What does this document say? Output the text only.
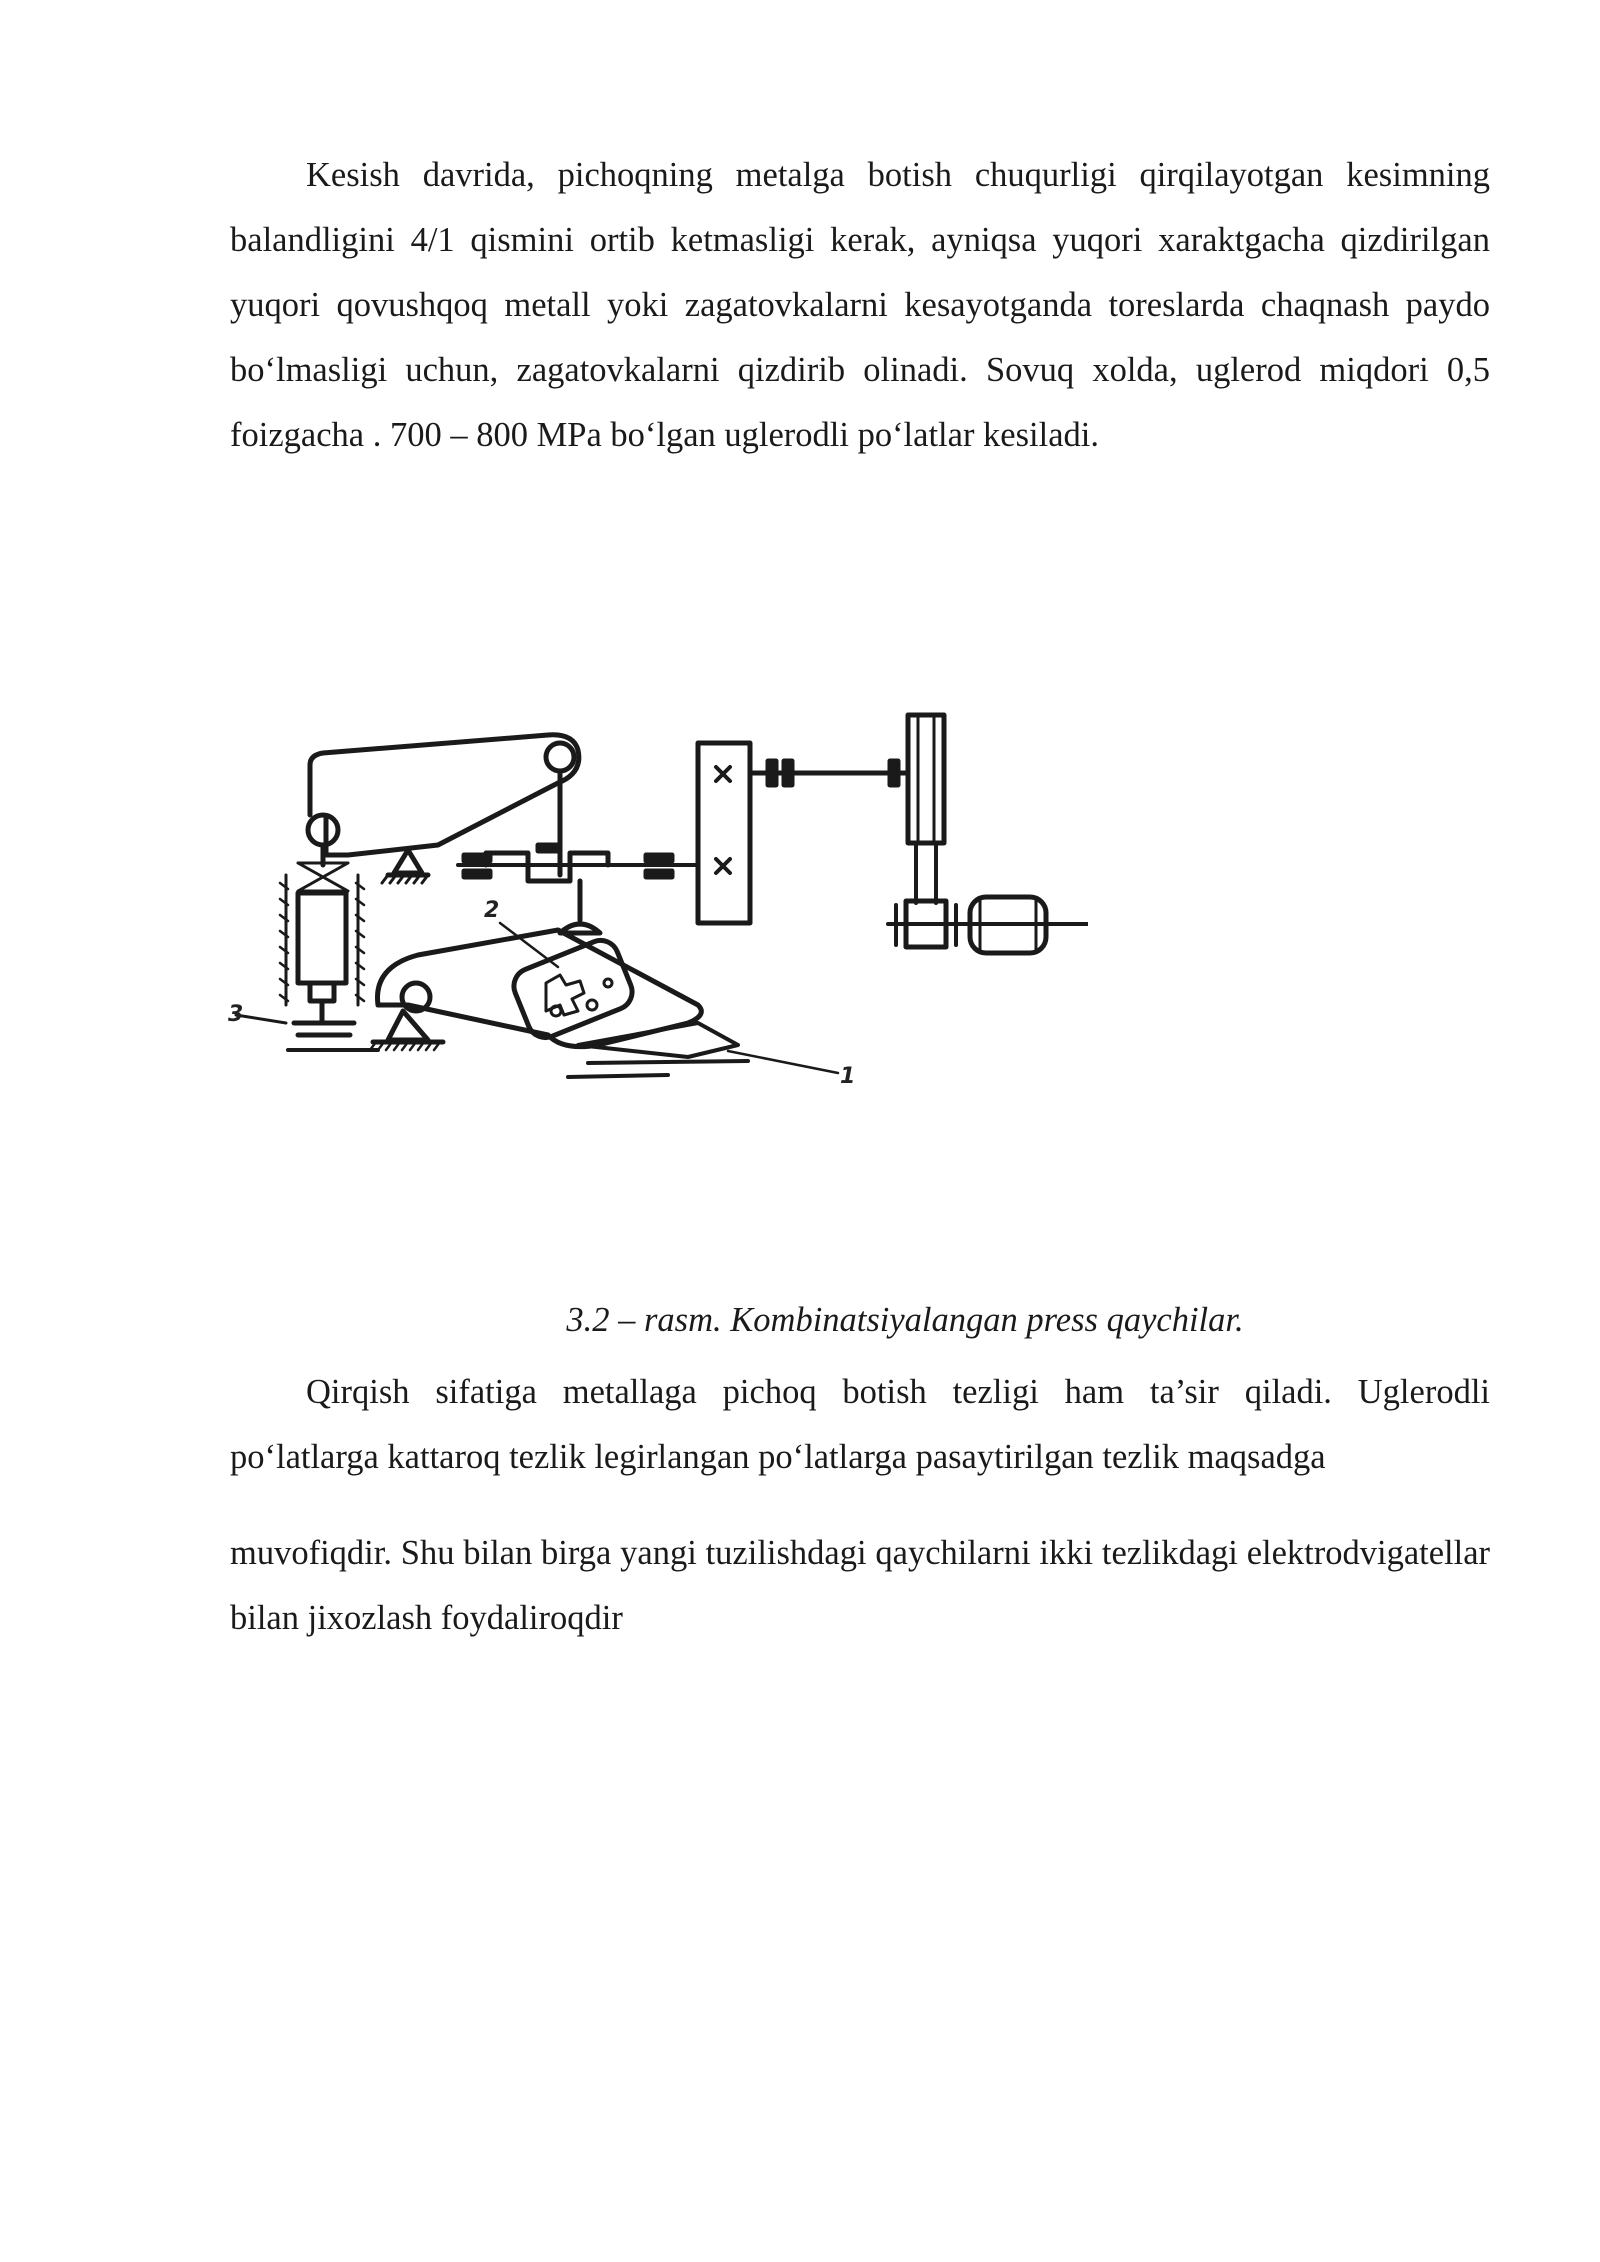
Kesish davrida, pichoqning metalga botish chuqurligi qirqilayotgan kesimning balandligini 4/1 qismini ortib ketmasligi kerak, ayniqsa yuqori xaraktgacha qizdirilgan yuqori qovushqoq metall yoki zagatovkalarni kesayotganda toreslarda chaqnash paydo bo‘lmasligi uchun, zagatovkalarni qizdirib olinadi. Sovuq xolda, uglerod miqdori 0,5 foizgacha . 700 – 800 MPa bo‘lgan uglerodli po‘latlar kesiladi.

2
1
3

3.2 – rasm. Kombinatsiyalangan press qaychilar.

Qirqish sifatiga metallaga pichoq botish tezligi ham ta’sir qiladi. Uglerodli po‘latlarga kattaroq tezlik legirlangan po‘latlarga pasaytirilgan tezlik maqsadga

muvofiqdir. Shu bilan birga yangi tuzilishdagi qaychilarni ikki tezlikdagi elektrodvigatellar bilan jixozlash foydaliroqdir
